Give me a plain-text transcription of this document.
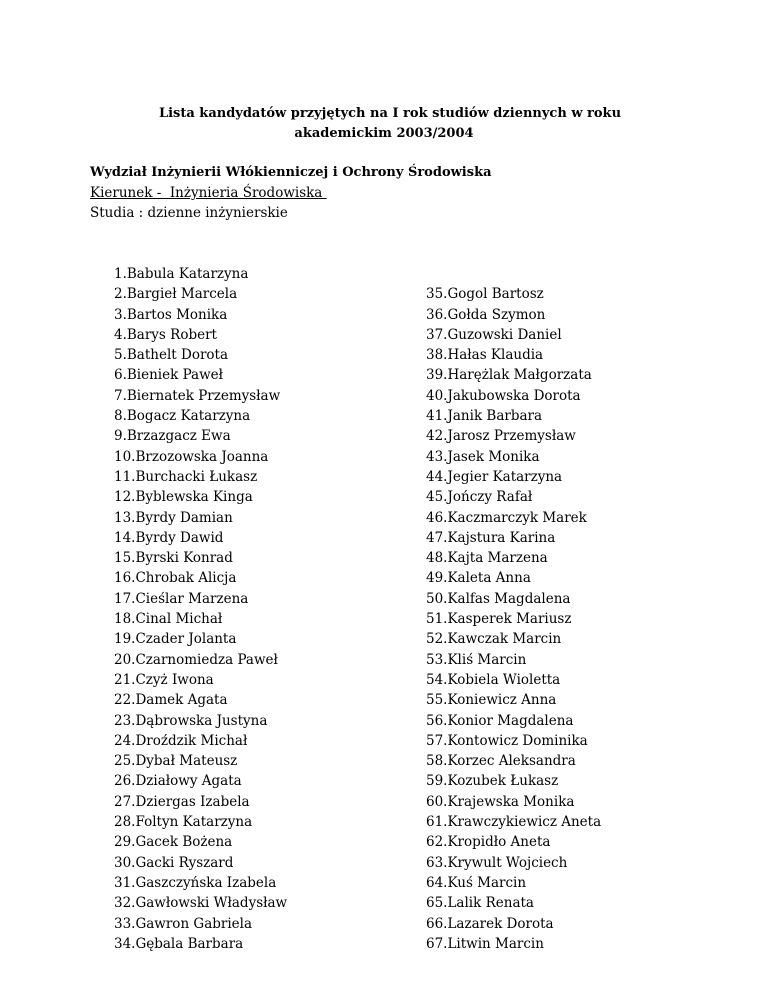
Lista kandydatów przyjętych na I rok studiów dziennych w roku
akademickim 2003/2004
Wydział Inżynierii Włókienniczej i Ochrony Środowiska
Kierunek -  Inżynieria Środowiska
Studia : dzienne inżynierskie
1.Babula Katarzyna
2.Bargieł Marcela
3.Bartos Monika
4.Barys Robert
5.Bathelt Dorota
6.Bieniek Paweł
7.Biernatek Przemysław
8.Bogacz Katarzyna
9.Brzazgacz Ewa
10.Brzozowska Joanna
11.Burchacki Łukasz
12.Byblewska Kinga
13.Byrdy Damian
14.Byrdy Dawid
15.Byrski Konrad
16.Chrobak Alicja
17.Cieślar Marzena
18.Cinal Michał
19.Czader Jolanta
20.Czarnomiedza Paweł
21.Czyż Iwona
22.Damek Agata
23.Dąbrowska Justyna
24.Droździk Michał
25.Dybał Mateusz
26.Działowy Agata
27.Dziergas Izabela
28.Foltyn Katarzyna
29.Gacek Bożena
30.Gacki Ryszard
31.Gaszczyńska Izabela
32.Gawłowski Władysław
33.Gawron Gabriela
34.Gębala Barbara
35.Gogol Bartosz
36.Gołda Szymon
37.Guzowski Daniel
38.Hałas Klaudia
39.Harężlak Małgorzata
40.Jakubowska Dorota
41.Janik Barbara
42.Jarosz Przemysław
43.Jasek Monika
44.Jegier Katarzyna
45.Jończy Rafał
46.Kaczmarczyk Marek
47.Kajstura Karina
48.Kajta Marzena
49.Kaleta Anna
50.Kalfas Magdalena
51.Kasperek Mariusz
52.Kawczak Marcin
53.Kliś Marcin
54.Kobiela Wioletta
55.Koniewicz Anna
56.Konior Magdalena
57.Kontowicz Dominika
58.Korzec Aleksandra
59.Kozubek Łukasz
60.Krajewska Monika
61.Krawczykiewicz Aneta
62.Kropidło Aneta
63.Krywult Wojciech
64.Kuś Marcin
65.Lalik Renata
66.Lazarek Dorota
67.Litwin Marcin
